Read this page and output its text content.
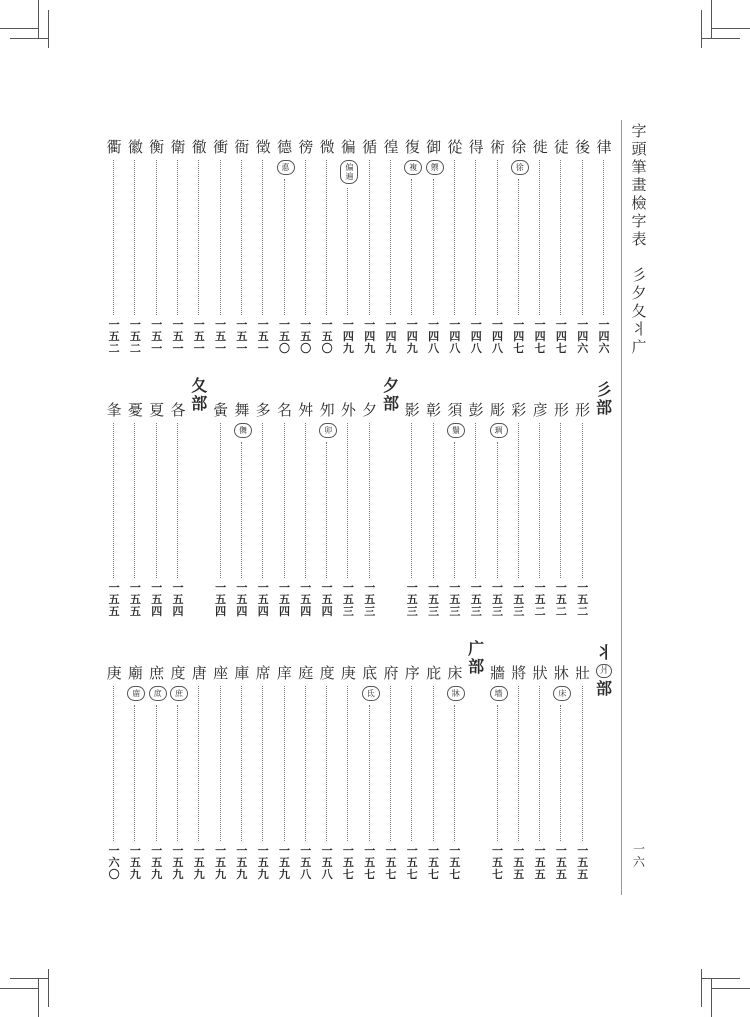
字
頭
筆
畫
檢
字
表

彡
夕
夂
丬
广
一
六
律
一
四
六
後
一
四
六
徒
一
四
七
徙
一
四
七
徐
徐
一
四
七
術
一
四
八
得
一
四
八
從
一
四
八
御
禦
一
四
八
復
複
一
四
九
徨
一
四
九
循
一
四
九
徧
偏
遍
一
四
九
微
一
五
〇
徬
一
五
〇
德
悳
一
五
〇
徵
一
五
一
衙
一
五
一
衝
一
五
一
徹
一
五
一
衛
一
五
一
衡
一
五
一
徽
一
五
二
衢
一
五
二
彡
部
形
一
五
二
形
一
五
二
彦
一
五
二
彩
一
五
三
彫
琱
一
五
三
彭
一
五
三
須
鬚
一
五
三
彰
一
五
三
影
一
五
三
夕
部
夕
一
五
三
外
一
五
三
夘
卯
一
五
四
舛
一
五
四
名
一
五
四
多
一
五
四
舞
儛
一
五
四
夤
一
五
四
夂
部
各
一
五
四
夏
一
五
四
憂
一
五
五
夆
一
五
五
丬
爿
部
壯
一
五
五
牀
床
一
五
五
狀
一
五
五
將
一
五
五
牆
墻
一
五
七
广
部
床
牀
一
五
七
庇
一
五
七
序
一
五
七
府
一
五
七
底
氐
一
五
七
庚
一
五
七
度
一
五
八
庭
一
五
八
庠
一
五
九
席
一
五
九
庫
一
五
九
座
一
五
九
唐
一
五
九
度
庶
一
五
九
庶
庻
一
五
九
廟
庿
一
五
九
庚
一
六
〇
